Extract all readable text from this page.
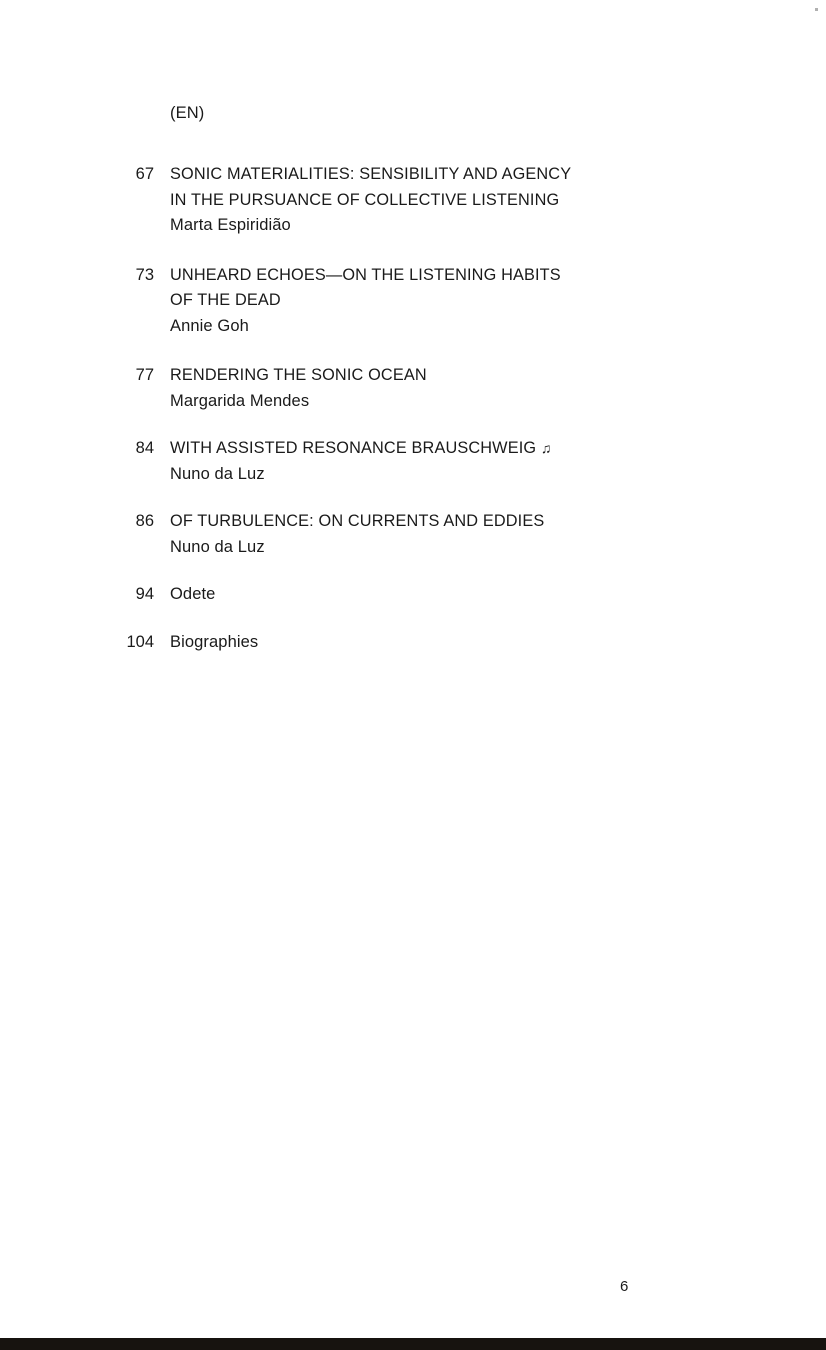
(EN)
67 SONIC MATERIALITIES: SENSIBILITY AND AGENCY
IN THE PURSUANCE OF COLLECTIVE LISTENING
Marta Espiridião
73 UNHEARD ECHOES—ON THE LISTENING HABITS
OF THE DEAD
Annie Goh
77 RENDERING THE SONIC OCEAN
Margarida Mendes
84 WITH ASSISTED RESONANCE BRAUSCHWEIG ♫
Nuno da Luz
86 OF TURBULENCE: ON CURRENTS AND EDDIES
Nuno da Luz
94 Odete
104 Biographies
6
